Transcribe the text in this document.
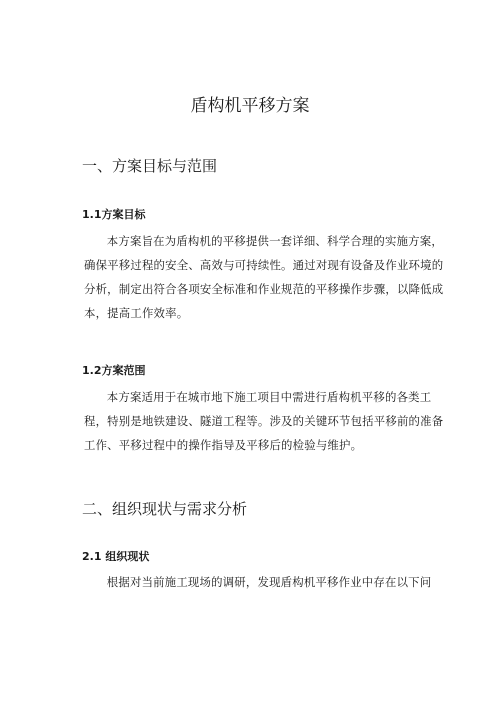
盾构机平移方案
一、方案目标与范围
1.1方案目标

本方案旨在为盾构机的平移提供一套详细、科学合理的实施方案，确保平移过程的安全、高效与可持续性。通过对现有设备及作业环境的分析，制定出符合各项安全标准和作业规范的平移操作步骤，以降低成本，提高工作效率。

1.2方案范围

本方案适用于在城市地下施工项目中需进行盾构机平移的各类工程，特别是地铁建设、隧道工程等。涉及的关键环节包括平移前的准备工作、平移过程中的操作指导及平移后的检验与维护。

二、组织现状与需求分析
2.1 组织现状

根据对当前施工现场的调研，发现盾构机平移作业中存在以下问
